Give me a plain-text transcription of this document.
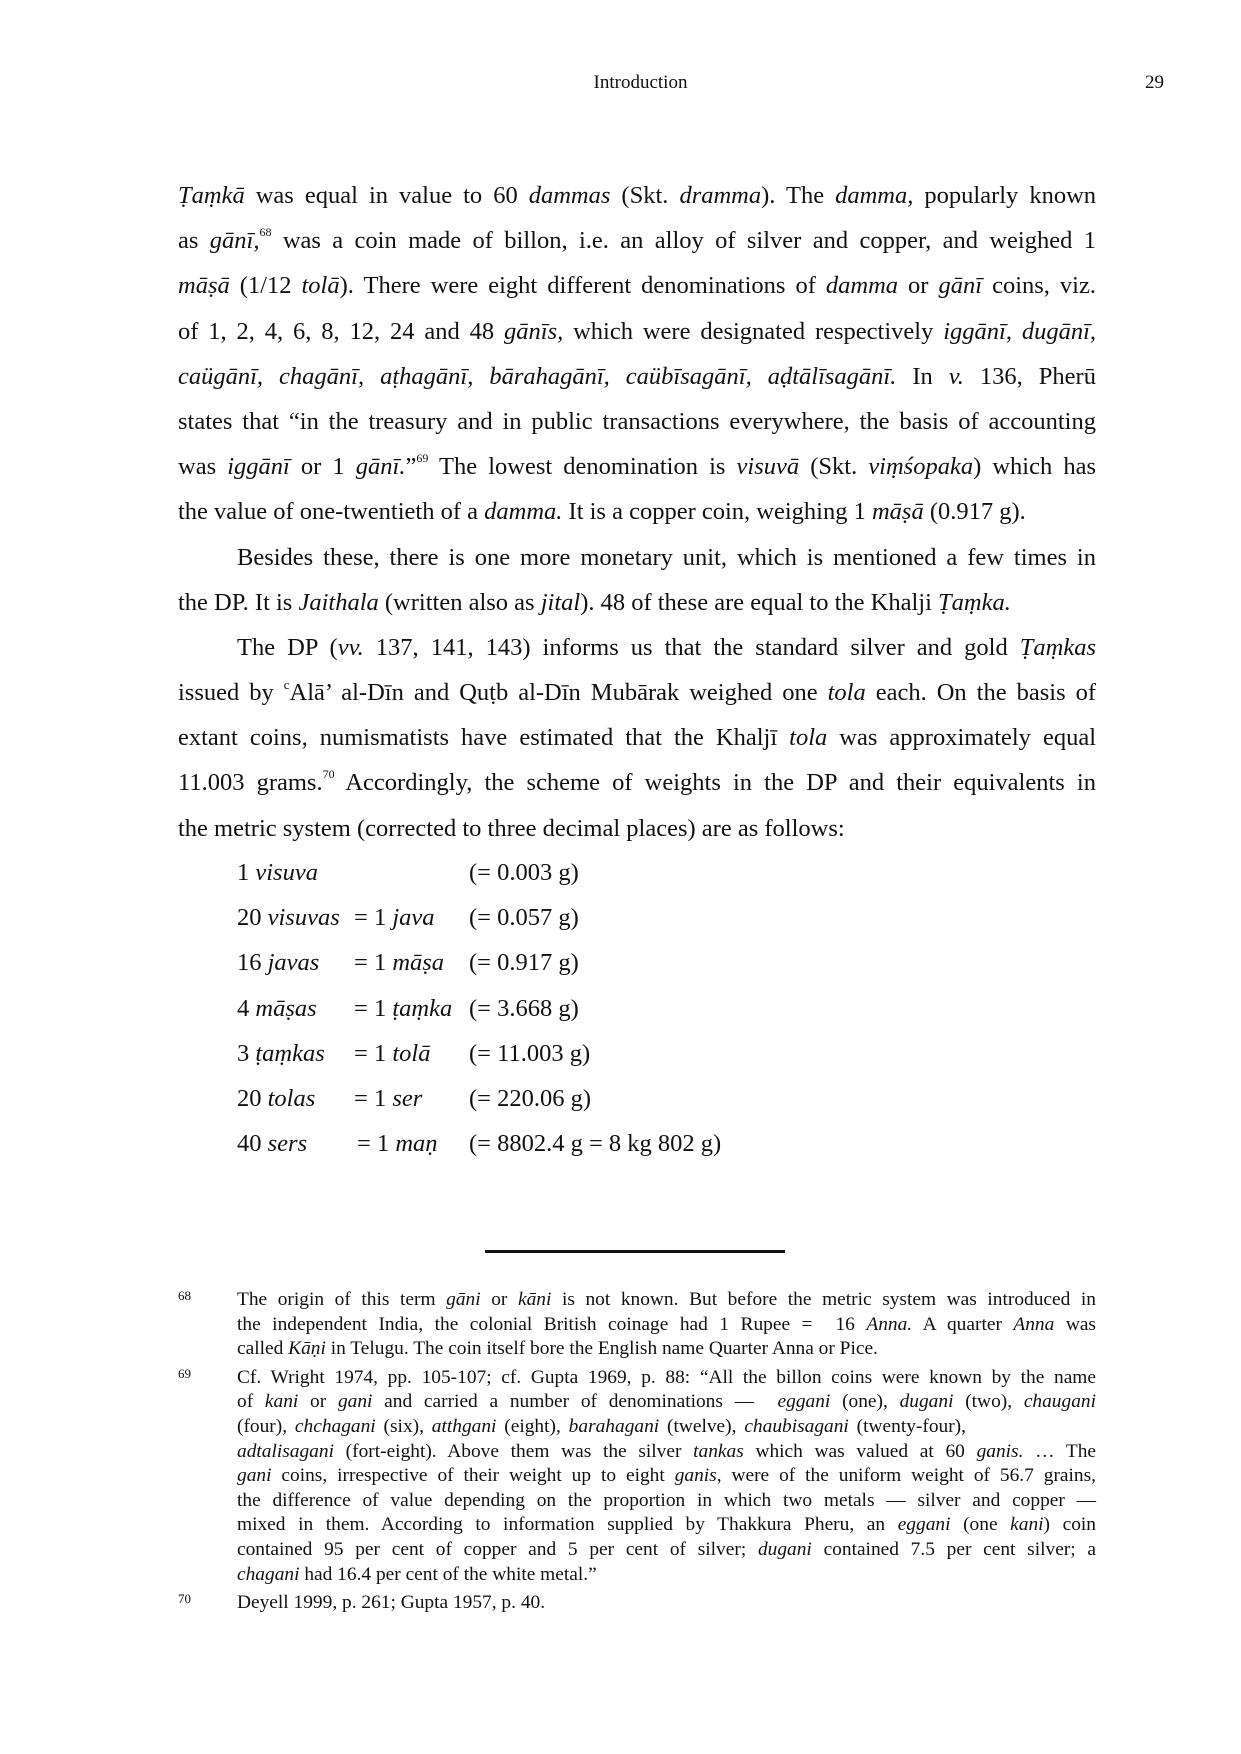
Introduction	29
Ṭaṃkā was equal in value to 60 dammas (Skt. dramma). The damma, popularly known
as gānī,$^{68}$ was a coin made of billon, i.e. an alloy of silver and copper, and weighed 1
māṣā (1/12 tolā). There were eight different denominations of damma or gānī coins, viz.
of 1, 2, 4, 6, 8, 12, 24 and 48 gānīs, which were designated respectively iggānī, dugānī,
caügānī, chagānī, aṭhagānī, bārahagānī, caübīsagānī, aḍtālīsagānī. In v. 136, Pherū
states that “in the treasury and in public transactions everywhere, the basis of accounting
was iggānī or 1 gānī.”$^{69}$ The lowest denomination is visuvā (Skt. viṃśopaka) which has
the value of one-twentieth of a damma. It is a copper coin, weighing 1 māṣā (0.917 g).
Besides these, there is one more monetary unit, which is mentioned a few times in
the DP. It is Jaithala (written also as jital). 48 of these are equal to the Khalji Ṭaṃka.
The DP (vv. 137, 141, 143) informs us that the standard silver and gold Ṭaṃkas
issued by $^c$Alā’ al-Dīn and Quṭb al-Dīn Mubārak weighed one tola each. On the basis of
extant coins, numismatists have estimated that the Khaljī tola was approximately equal
11.003 grams.$^{70}$ Accordingly, the scheme of weights in the DP and their equivalents in
the metric system (corrected to three decimal places) are as follows:
1 visuva	(= 0.003 g)
20 visuvas = 1 java	(= 0.057 g)
16 javas	= 1 māṣa	(= 0.917 g)
4 māṣas	= 1 ṭaṃka (= 3.668 g)
3 ṭaṃkas	= 1 tolā	(= 11.003 g)
20 tolas	= 1 ser	(= 220.06 g)
40 sers	= 1 maṇ	(= 8802.4 g = 8 kg 802 g)
68 The origin of this term gāni or kāni is not known. But before the metric system was introduced in
the independent India, the colonial British coinage had 1 Rupee =  16 Anna. A quarter Anna was
called Kāṇi in Telugu. The coin itself bore the English name Quarter Anna or Pice.
69 Cf. Wright 1974, pp. 105-107; cf. Gupta 1969, p. 88: “All the billon coins were known by the name
of kani or gani and carried a number of denominations —  eggani (one), dugani (two), chaugani
(four), chchagani (six), atthgani (eight), barahagani (twelve), chaubisagani (twenty-four),
adtalisagani (fort-eight). Above them was the silver tankas which was valued at 60 ganis. … The
gani coins, irrespective of their weight up to eight ganis, were of the uniform weight of 56.7 grains,
the difference of value depending on the proportion in which two metals — silver and copper —
mixed in them. According to information supplied by Thakkura Pheru, an eggani (one kani) coin
contained 95 per cent of copper and 5 per cent of silver; dugani contained 7.5 per cent silver; a
chagani had 16.4 per cent of the white metal.”
70 Deyell 1999, p. 261; Gupta 1957, p. 40.
